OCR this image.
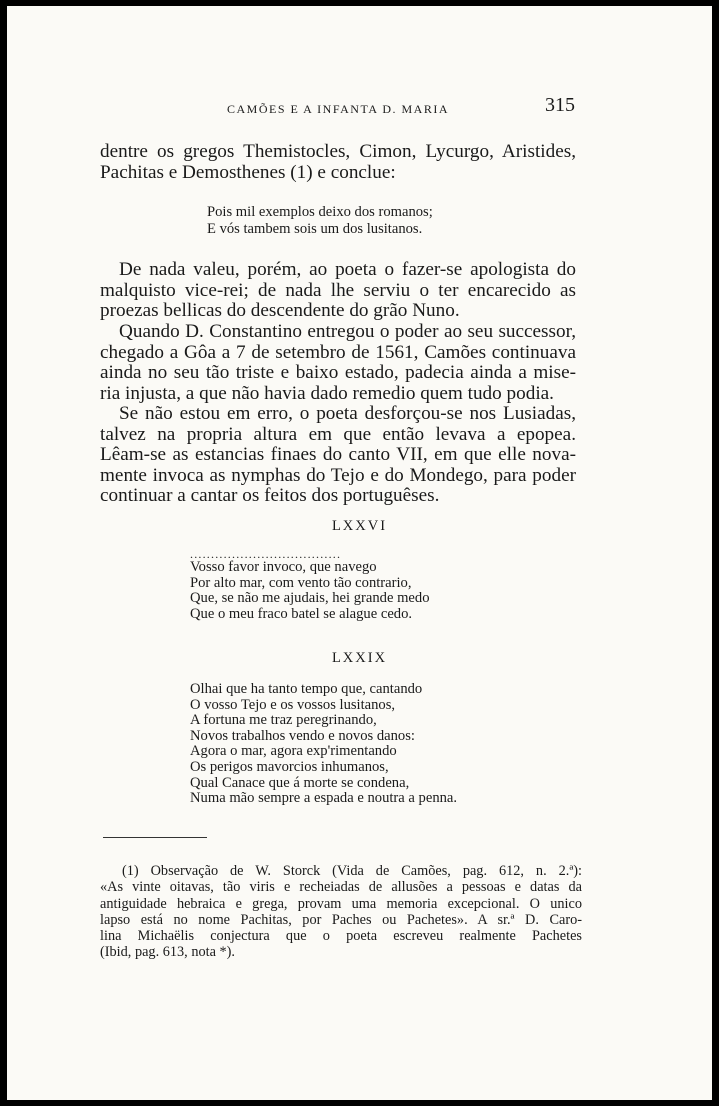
CAMÕES E A INFANTA D. MARIA	315
dentre os gregos Themistocles, Cimon, Lycurgo, Aristides,
Pachitas e Demosthenes (1) e conclue:
Pois mil exemplos deixo dos romanos;
E vós tambem sois um dos lusitanos.
De nada valeu, porém, ao poeta o fazer-se apologista do
malquisto vice-rei; de nada lhe serviu o ter encarecido as
proezas bellicas do descendente do grão Nuno.
Quando D. Constantino entregou o poder ao seu successor,
chegado a Gôa a 7 de setembro de 1561, Camões continuava
ainda no seu tão triste e baixo estado, padecia ainda a mise-
ria injusta, a que não havia dado remedio quem tudo podia.
Se não estou em erro, o poeta desforçou-se nos Lusiadas,
talvez na propria altura em que então levava a epopea.
Lêam-se as estancias finaes do canto VII, em que elle nova-
mente invoca as nymphas do Tejo e do Mondego, para poder
continuar a cantar os feitos dos portuguêses.
LXXVI
....................................
Vosso favor invoco, que navego
Por alto mar, com vento tão contrario,
Que, se não me ajudais, hei grande medo
Que o meu fraco batel se alague cedo.
LXXIX
Olhai que ha tanto tempo que, cantando
O vosso Tejo e os vossos lusitanos,
A fortuna me traz peregrinando,
Novos trabalhos vendo e novos danos:
Agora o mar, agora exp'rimentando
Os perigos mavorcios inhumanos,
Qual Canace que á morte se condena,
Numa mão sempre a espada e noutra a penna.
(1) Observação de W. Storck (Vida de Camões, pag. 612, n. 2.ª):
«As vinte oitavas, tão viris e recheiadas de allusões a pessoas e datas da
antiguidade hebraica e grega, provam uma memoria excepcional. O unico
lapso está no nome Pachitas, por Paches ou Pachetes». A sr.ª D. Caro-
lina Michaëlis conjectura que o poeta escreveu realmente Pachetes
(Ibid, pag. 613, nota *).
